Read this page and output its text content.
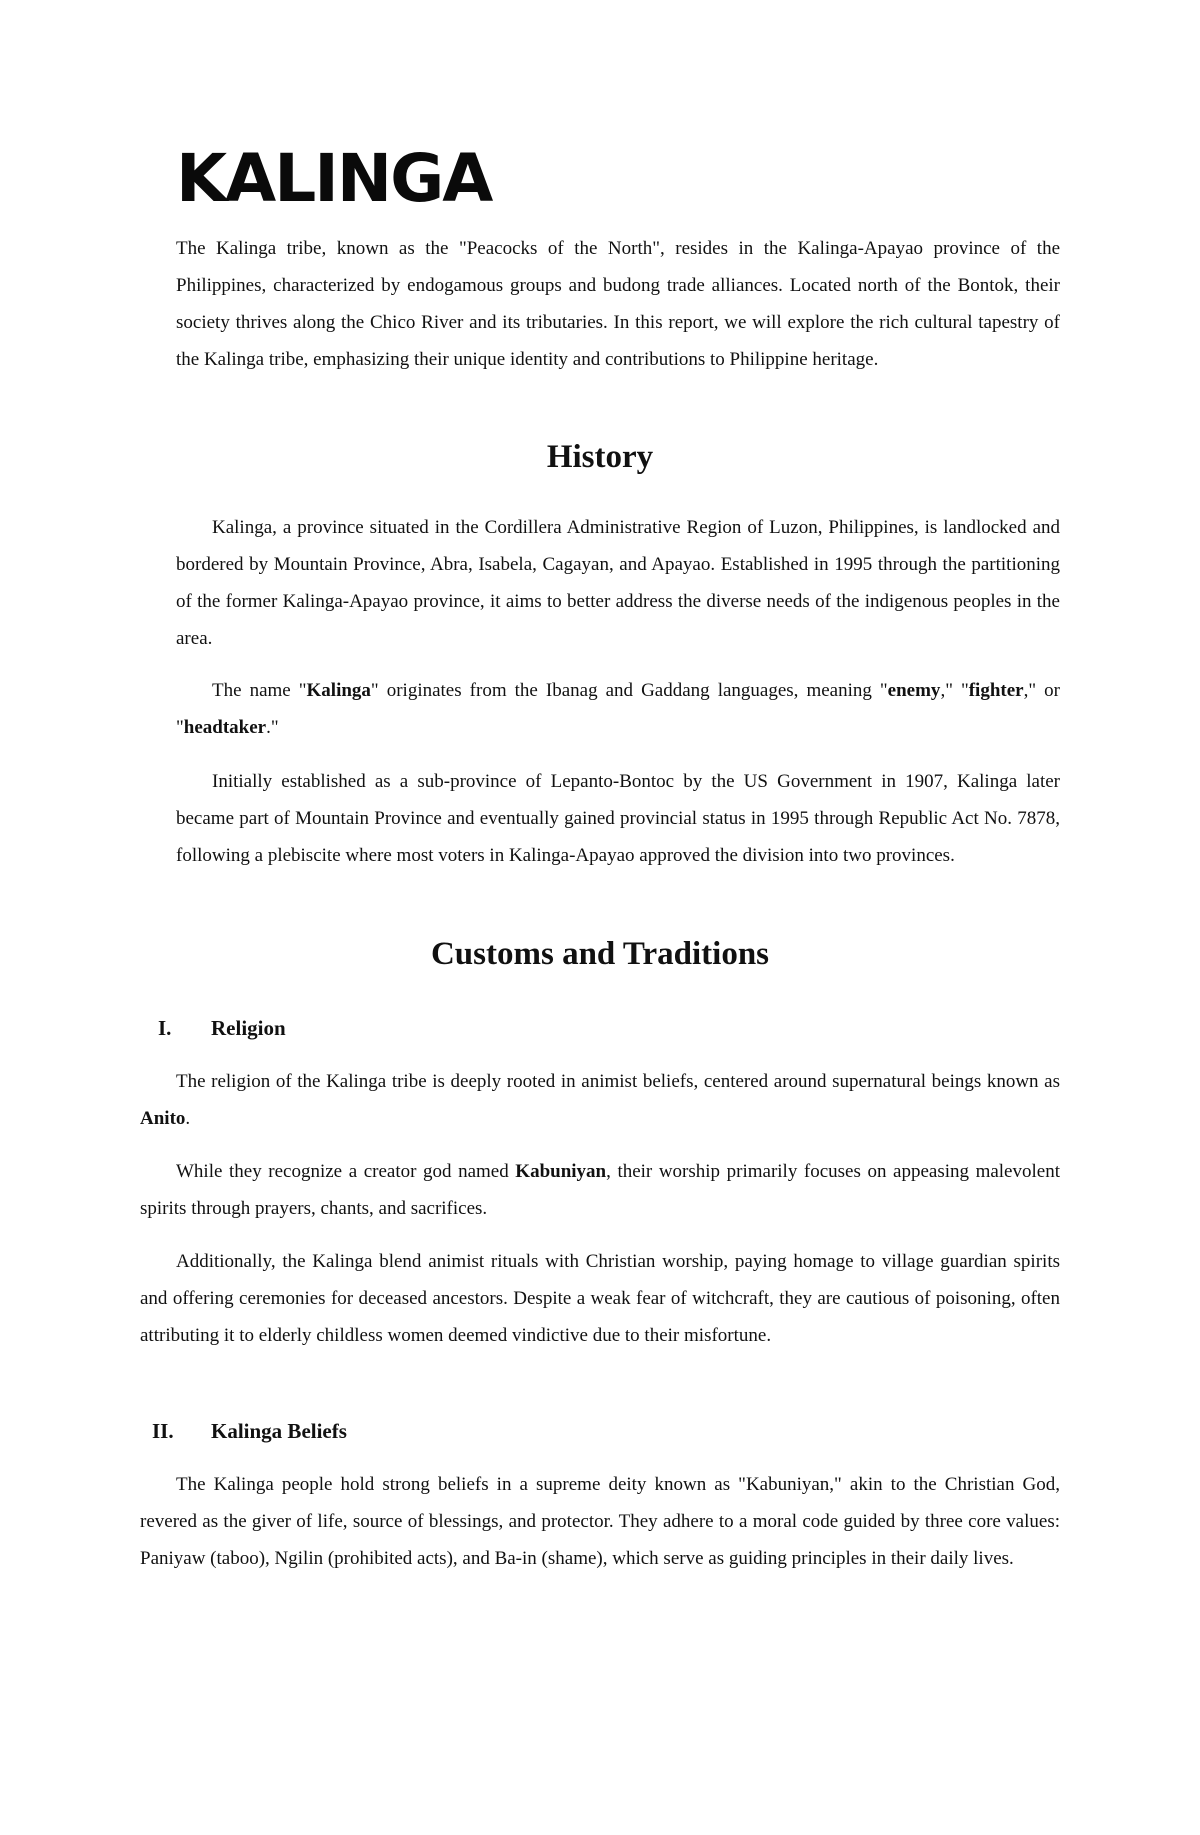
KALINGA

The Kalinga tribe, known as the "Peacocks of the North", resides in the Kalinga-Apayao province of the Philippines, characterized by endogamous groups and budong trade alliances. Located north of the Bontok, their society thrives along the Chico River and its tributaries. In this report, we will explore the rich cultural tapestry of the Kalinga tribe, emphasizing their unique identity and contributions to Philippine heritage.

History

Kalinga, a province situated in the Cordillera Administrative Region of Luzon, Philippines, is landlocked and bordered by Mountain Province, Abra, Isabela, Cagayan, and Apayao. Established in 1995 through the partitioning of the former Kalinga-Apayao province, it aims to better address the diverse needs of the indigenous peoples in the area.

The name "Kalinga" originates from the Ibanag and Gaddang languages, meaning "enemy," "fighter," or "headtaker."

Initially established as a sub-province of Lepanto-Bontoc by the US Government in 1907, Kalinga later became part of Mountain Province and eventually gained provincial status in 1995 through Republic Act No. 7878, following a plebiscite where most voters in Kalinga-Apayao approved the division into two provinces.

Customs and Traditions
I. Religion

The religion of the Kalinga tribe is deeply rooted in animist beliefs, centered around supernatural beings known as Anito.

While they recognize a creator god named Kabuniyan, their worship primarily focuses on appeasing malevolent spirits through prayers, chants, and sacrifices.

Additionally, the Kalinga blend animist rituals with Christian worship, paying homage to village guardian spirits and offering ceremonies for deceased ancestors. Despite a weak fear of witchcraft, they are cautious of poisoning, often attributing it to elderly childless women deemed vindictive due to their misfortune.

II. Kalinga Beliefs

The Kalinga people hold strong beliefs in a supreme deity known as "Kabuniyan," akin to the Christian God, revered as the giver of life, source of blessings, and protector. They adhere to a moral code guided by three core values: Paniyaw (taboo), Ngilin (prohibited acts), and Ba-in (shame), which serve as guiding principles in their daily lives.
